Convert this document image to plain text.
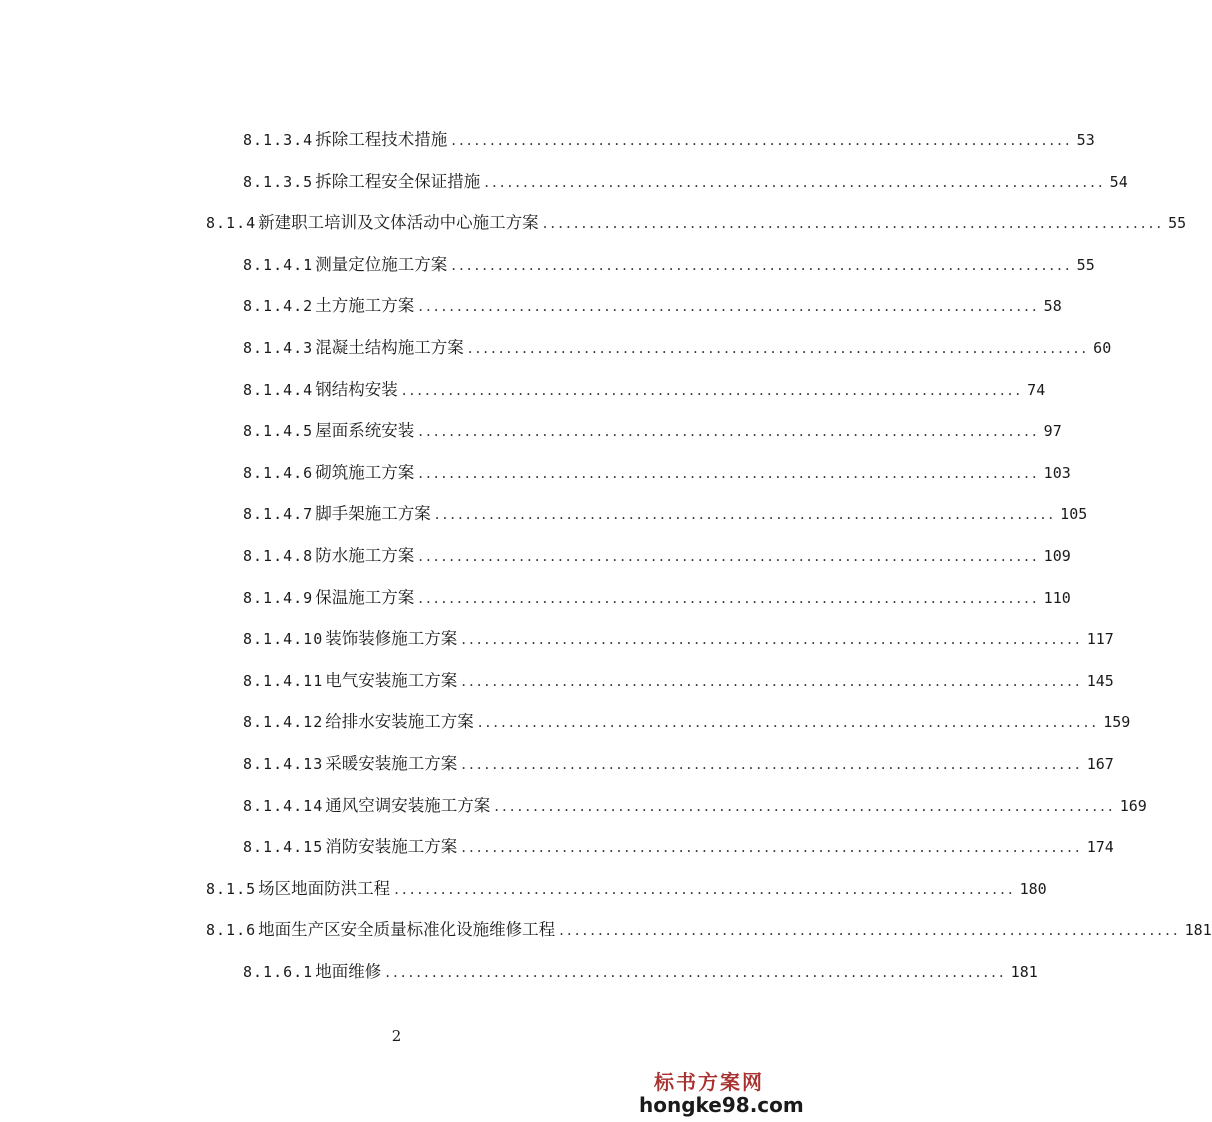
8.1.3.4 拆除工程技术措施 ................................................................................ 53
8.1.3.5 拆除工程安全保证措施 ................................................................................ 54
8.1.4 新建职工培训及文体活动中心施工方案 ................................................................................ 55
8.1.4.1 测量定位施工方案 ................................................................................ 55
8.1.4.2 土方施工方案 ................................................................................ 58
8.1.4.3 混凝土结构施工方案 ................................................................................ 60
8.1.4.4 钢结构安装 ................................................................................ 74
8.1.4.5 屋面系统安装 ................................................................................ 97
8.1.4.6 砌筑施工方案 ................................................................................ 103
8.1.4.7 脚手架施工方案 ................................................................................ 105
8.1.4.8 防水施工方案 ................................................................................ 109
8.1.4.9 保温施工方案 ................................................................................ 110
8.1.4.10 装饰装修施工方案 ................................................................................ 117
8.1.4.11 电气安装施工方案 ................................................................................ 145
8.1.4.12 给排水安装施工方案 ................................................................................ 159
8.1.4.13 采暖安装施工方案 ................................................................................ 167
8.1.4.14 通风空调安装施工方案 ................................................................................ 169
8.1.4.15 消防安装施工方案 ................................................................................ 174
8.1.5 场区地面防洪工程 ................................................................................ 180
8.1.6 地面生产区安全质量标准化设施维修工程 ................................................................................ 181
8.1.6.1 地面维修 ................................................................................ 181
2
标书方案网
hongke98.com
